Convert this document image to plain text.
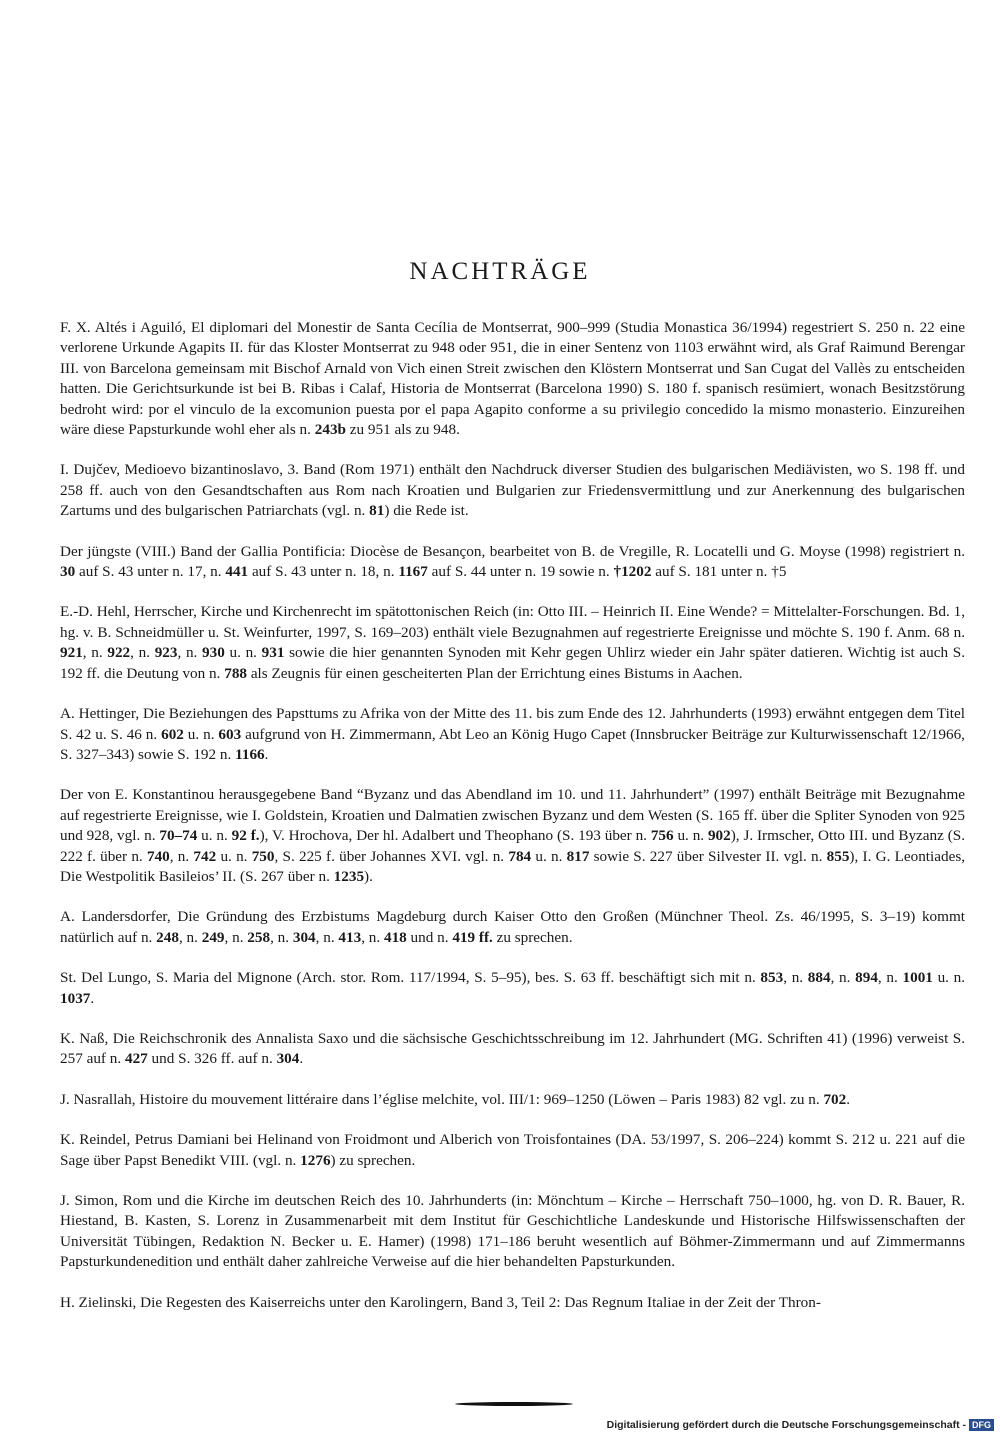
NACHTRÄGE

F. X. Altés i Aguiló, El diplomari del Monestir de Santa Cecília de Montserrat, 900–999 (Studia Monastica 36/1994) regestriert S. 250 n. 22 eine verlorene Urkunde Agapits II. für das Kloster Montserrat zu 948 oder 951, die in einer Sentenz von 1103 erwähnt wird, als Graf Raimund Berengar III. von Barcelona gemeinsam mit Bischof Arnald von Vich einen Streit zwischen den Klöstern Montserrat und San Cugat del Vallès zu entscheiden hatten. Die Gerichtsurkunde ist bei B. Ribas i Calaf, Historia de Montserrat (Barcelona 1990) S. 180 f. spanisch resümiert, wonach Besitzstörung bedroht wird: por el vinculo de la excomunion puesta por el papa Agapito conforme a su privilegio concedido la mismo monasterio. Einzureihen wäre diese Papsturkunde wohl eher als n. 243b zu 951 als zu 948.

I. Dujčev, Medioevo bizantinoslavo, 3. Band (Rom 1971) enthält den Nachdruck diverser Studien des bulgarischen Mediävisten, wo S. 198 ff. und 258 ff. auch von den Gesandtschaften aus Rom nach Kroatien und Bulgarien zur Friedensvermittlung und zur Anerkennung des bulgarischen Zartums und des bulgarischen Patriarchats (vgl. n. 81) die Rede ist.

Der jüngste (VIII.) Band der Gallia Pontificia: Diocèse de Besançon, bearbeitet von B. de Vregille, R. Locatelli und G. Moyse (1998) registriert n. 30 auf S. 43 unter n. 17, n. 441 auf S. 43 unter n. 18, n. 1167 auf S. 44 unter n. 19 sowie n. †1202 auf S. 181 unter n. †5

E.-D. Hehl, Herrscher, Kirche und Kirchenrecht im spätottonischen Reich (in: Otto III. – Heinrich II. Eine Wende? = Mittelalter-Forschungen. Bd. 1, hg. v. B. Schneidmüller u. St. Weinfurter, 1997, S. 169–203) enthält viele Bezugnahmen auf regestrierte Ereignisse und möchte S. 190 f. Anm. 68 n. 921, n. 922, n. 923, n. 930 u. n. 931 sowie die hier genannten Synoden mit Kehr gegen Uhlirz wieder ein Jahr später datieren. Wichtig ist auch S. 192 ff. die Deutung von n. 788 als Zeugnis für einen gescheiterten Plan der Errichtung eines Bistums in Aachen.

A. Hettinger, Die Beziehungen des Papsttums zu Afrika von der Mitte des 11. bis zum Ende des 12. Jahrhunderts (1993) erwähnt entgegen dem Titel S. 42 u. S. 46 n. 602 u. n. 603 aufgrund von H. Zimmermann, Abt Leo an König Hugo Capet (Innsbrucker Beiträge zur Kulturwissenschaft 12/1966, S. 327–343) sowie S. 192 n. 1166.

Der von E. Konstantinou herausgegebene Band “Byzanz und das Abendland im 10. und 11. Jahrhundert” (1997) enthält Beiträge mit Bezugnahme auf regestrierte Ereignisse, wie I. Goldstein, Kroatien und Dalmatien zwischen Byzanz und dem Westen (S. 165 ff. über die Spliter Synoden von 925 und 928, vgl. n. 70–74 u. n. 92 f.), V. Hrochova, Der hl. Adalbert und Theophano (S. 193 über n. 756 u. n. 902), J. Irmscher, Otto III. und Byzanz (S. 222 f. über n. 740, n. 742 u. n. 750, S. 225 f. über Johannes XVI. vgl. n. 784 u. n. 817 sowie S. 227 über Silvester II. vgl. n. 855), I. G. Leontiades, Die Westpolitik Basileios’ II. (S. 267 über n. 1235).

A. Landersdorfer, Die Gründung des Erzbistums Magdeburg durch Kaiser Otto den Großen (Münchner Theol. Zs. 46/1995, S. 3–19) kommt natürlich auf n. 248, n. 249, n. 258, n. 304, n. 413, n. 418 und n. 419 ff. zu sprechen.

St. Del Lungo, S. Maria del Mignone (Arch. stor. Rom. 117/1994, S. 5–95), bes. S. 63 ff. beschäftigt sich mit n. 853, n. 884, n. 894, n. 1001 u. n. 1037.

K. Naß, Die Reichschronik des Annalista Saxo und die sächsische Geschichtsschreibung im 12. Jahrhundert (MG. Schriften 41) (1996) verweist S. 257 auf n. 427 und S. 326 ff. auf n. 304.

J. Nasrallah, Histoire du mouvement littéraire dans l’église melchite, vol. III/1: 969–1250 (Löwen – Paris 1983) 82 vgl. zu n. 702.

K. Reindel, Petrus Damiani bei Helinand von Froidmont und Alberich von Troisfontaines (DA. 53/1997, S. 206–224) kommt S. 212 u. 221 auf die Sage über Papst Benedikt VIII. (vgl. n. 1276) zu sprechen.

J. Simon, Rom und die Kirche im deutschen Reich des 10. Jahrhunderts (in: Mönchtum – Kirche – Herrschaft 750–1000, hg. von D. R. Bauer, R. Hiestand, B. Kasten, S. Lorenz in Zusammenarbeit mit dem Institut für Geschichtliche Landeskunde und Historische Hilfswissenschaften der Universität Tübingen, Redaktion N. Becker u. E. Hamer) (1998) 171–186 beruht wesentlich auf Böhmer-Zimmermann und auf Zimmermanns Papsturkundenedition und enthält daher zahlreiche Verweise auf die hier behandelten Papsturkunden.

H. Zielinski, Die Regesten des Kaiserreichs unter den Karolingern, Band 3, Teil 2: Das Regnum Italiae in der Zeit der Thron-

Digitalisierung gefördert durch die Deutsche Forschungsgemeinschaft - DFG
